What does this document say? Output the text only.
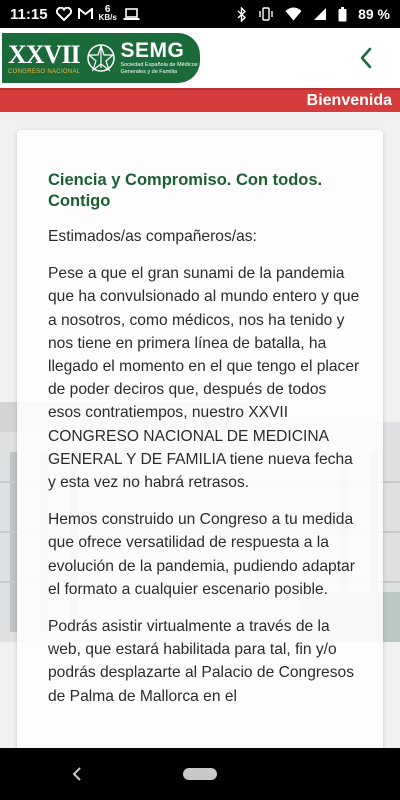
11:15	6
KB/s	89 %
XXVII
CONGRESO NACIONAL
SEMG
Sociedad Española de Médicos
Generales y de Familia
Bienvenida
Ciencia y Compromiso. Con todos. Contigo

Estimados/as compañeros/as:

Pese a que el gran sunami de la pandemia que ha convulsionado al mundo entero y que a nosotros, como médicos, nos ha tenido y nos tiene en primera línea de batalla, ha llegado el momento en el que tengo el placer de poder deciros que, después de todos esos contratiempos, nuestro XXVII CONGRESO NACIONAL DE MEDICINA GENERAL Y DE FAMILIA tiene nueva fecha y esta vez no habrá retrasos.

Hemos construido un Congreso a tu medida que ofrece versatilidad de respuesta a la evolución de la pandemia, pudiendo adaptar el formato a cualquier escenario posible.

Podrás asistir virtualmente a través de la web, que estará habilitada para tal, fin y/o podrás desplazarte al Palacio de Congresos de Palma de Mallorca en el
